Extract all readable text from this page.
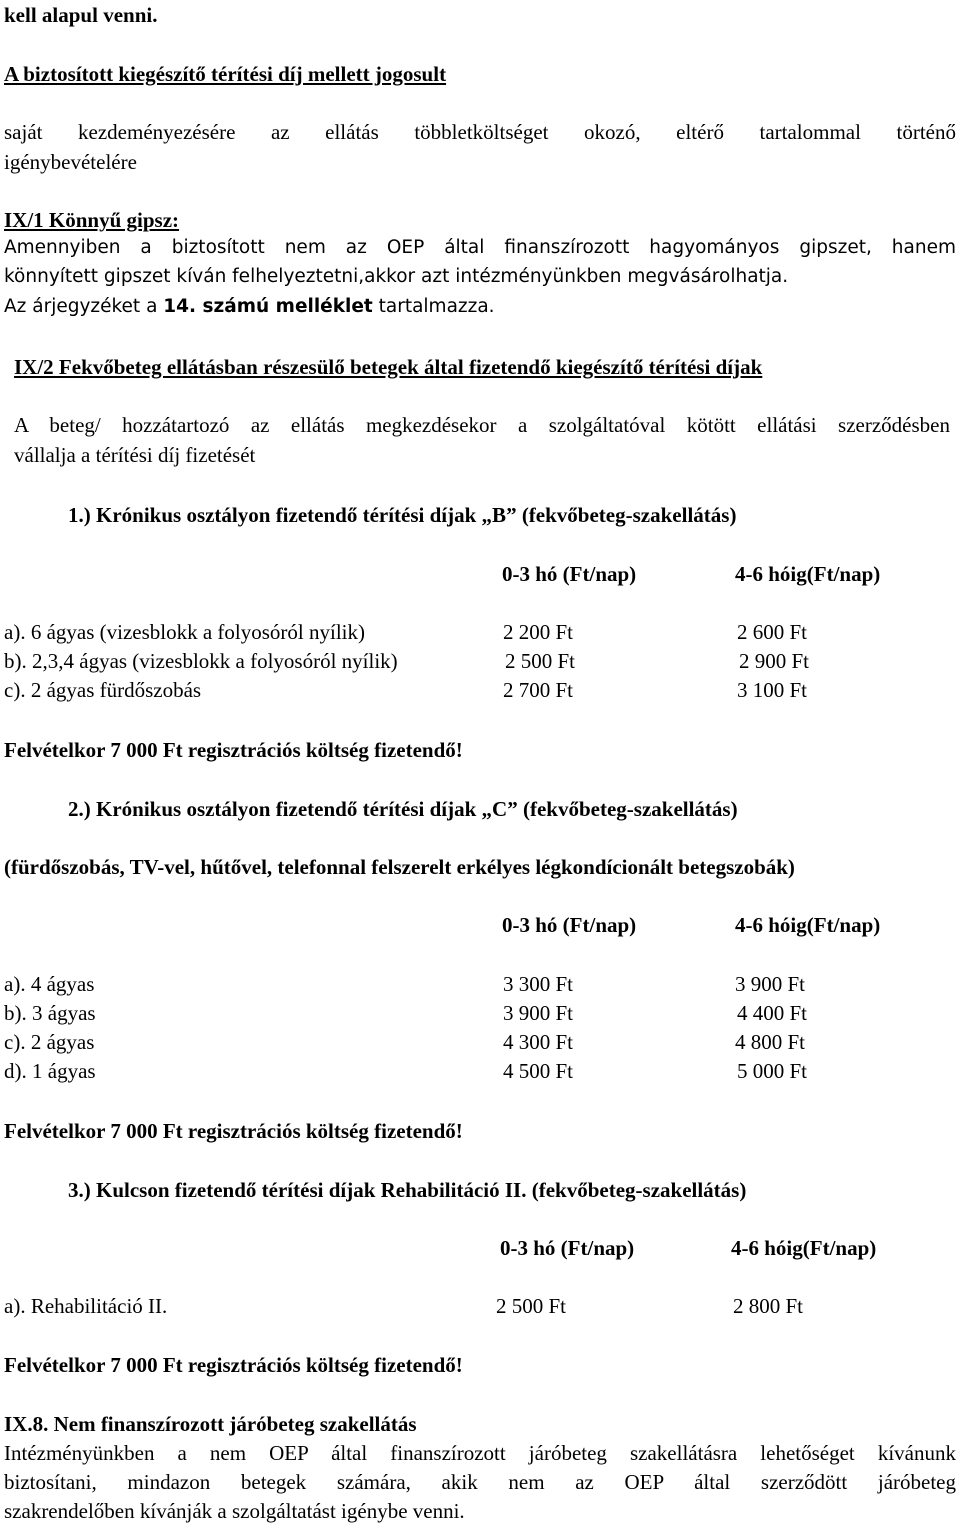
kell alapul venni.
A biztosított kiegészítő térítési díj mellett jogosult
saját kezdeményezésére az ellátás többletköltséget okozó, eltérő tartalommal történő
igénybevételére
IX/1 Könnyű gipsz:
Amennyiben a biztosított nem az OEP által finanszírozott hagyományos gipszet, hanem
könnyített gipszet kíván felhelyeztetni,akkor azt intézményünkben megvásárolhatja.
Az árjegyzéket a 14. számú melléklet tartalmazza.
IX/2 Fekvőbeteg ellátásban részesülő betegek által fizetendő kiegészítő térítési díjak
A beteg/ hozzátartozó az ellátás megkezdésekor a szolgáltatóval kötött ellátási szerződésben
vállalja a térítési díj fizetését
1.) Krónikus osztályon fizetendő térítési díjak „B” (fekvőbeteg-szakellátás)
0-3 hó (Ft/nap)	4-6 hóig(Ft/nap)
a). 6 ágyas (vizesblokk a folyosóról nyílik)	2 200 Ft	2 600 Ft
b). 2,3,4 ágyas (vizesblokk a folyosóról nyílik)	2 500 Ft	2 900 Ft
c). 2 ágyas fürdőszobás	2 700 Ft	3 100 Ft
Felvételkor 7 000 Ft regisztrációs költség fizetendő!
2.) Krónikus osztályon fizetendő térítési díjak „C” (fekvőbeteg-szakellátás)
(fürdőszobás, TV-vel, hűtővel, telefonnal felszerelt erkélyes légkondícionált betegszobák)
0-3 hó (Ft/nap)	4-6 hóig(Ft/nap)
a). 4 ágyas	3 300 Ft	3 900 Ft
b). 3 ágyas	3 900 Ft	4 400 Ft
c). 2 ágyas	4 300 Ft	4 800 Ft
d). 1 ágyas	4 500 Ft	5 000 Ft
Felvételkor 7 000 Ft regisztrációs költség fizetendő!
3.) Kulcson fizetendő térítési díjak Rehabilitáció II. (fekvőbeteg-szakellátás)
0-3 hó (Ft/nap)	4-6 hóig(Ft/nap)
a). Rehabilitáció II.	2 500 Ft	2 800 Ft
Felvételkor 7 000 Ft regisztrációs költség fizetendő!
IX.8. Nem finanszírozott járóbeteg szakellátás
Intézményünkben a nem OEP által finanszírozott járóbeteg szakellátásra lehetőséget kívánunk
biztosítani, mindazon betegek számára, akik nem az OEP által szerződött járóbeteg
szakrendelőben kívánják a szolgáltatást igénybe venni.
